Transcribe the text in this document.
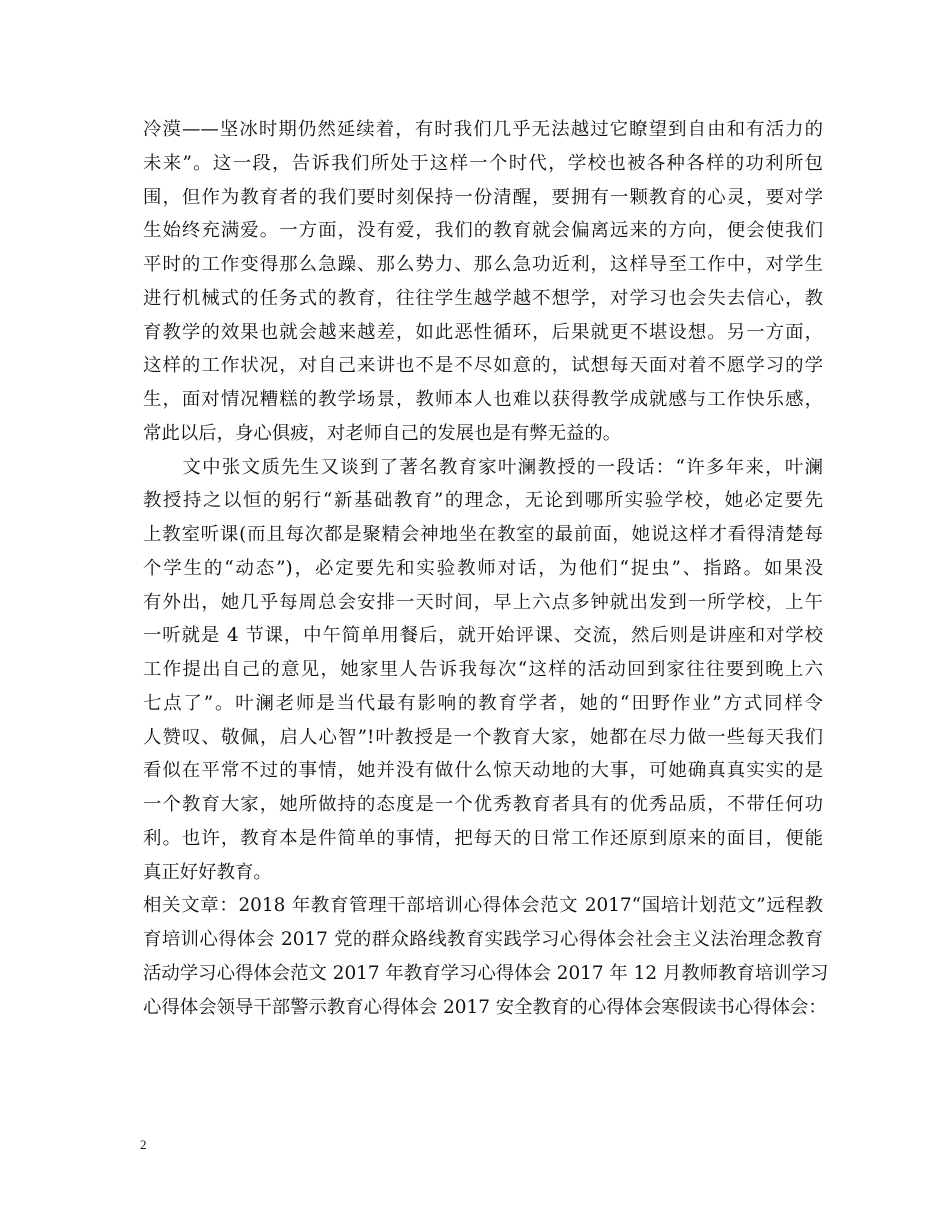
冷漠——坚冰时期仍然延续着，有时我们几乎无法越过它瞭望到自由和有活力的
未来”。这一段，告诉我们所处于这样一个时代，学校也被各种各样的功利所包
围，但作为教育者的我们要时刻保持一份清醒，要拥有一颗教育的心灵，要对学
生始终充满爱。一方面，没有爱，我们的教育就会偏离远来的方向，便会使我们
平时的工作变得那么急躁、那么势力、那么急功近利，这样导至工作中，对学生
进行机械式的任务式的教育，往往学生越学越不想学，对学习也会失去信心，教
育教学的效果也就会越来越差，如此恶性循环，后果就更不堪设想。另一方面，
这样的工作状况，对自己来讲也不是不尽如意的，试想每天面对着不愿学习的学
生，面对情况糟糕的教学场景，教师本人也难以获得教学成就感与工作快乐感，
常此以后，身心俱疲，对老师自己的发展也是有弊无益的。
　　文中张文质先生又谈到了著名教育家叶澜教授的一段话：“许多年来，叶澜
教授持之以恒的躬行“新基础教育”的理念，无论到哪所实验学校，她必定要先
上教室听课(而且每次都是聚精会神地坐在教室的最前面，她说这样才看得清楚每
个学生的“动态”)，必定要先和实验教师对话，为他们“捉虫”、指路。如果没
有外出，她几乎每周总会安排一天时间，早上六点多钟就出发到一所学校，上午
一听就是 4 节课，中午简单用餐后，就开始评课、交流，然后则是讲座和对学校
工作提出自己的意见，她家里人告诉我每次“这样的活动回到家往往要到晚上六
七点了”。叶澜老师是当代最有影响的教育学者，她的“田野作业”方式同样令
人赞叹、敬佩，启人心智”!叶教授是一个教育大家，她都在尽力做一些每天我们
看似在平常不过的事情，她并没有做什么惊天动地的大事，可她确真真实实的是
一个教育大家，她所做持的态度是一个优秀教育者具有的优秀品质，不带任何功
利。也许，教育本是件简单的事情，把每天的日常工作还原到原来的面目，便能
真正好好教育。
相关文章：2018 年教育管理干部培训心得体会范文 2017“国培计划范文”远程教
育培训心得体会 2017 党的群众路线教育实践学习心得体会社会主义法治理念教育
活动学习心得体会范文 2017 年教育学习心得体会 2017 年 12 月教师教育培训学习
心得体会领导干部警示教育心得体会 2017 安全教育的心得体会寒假读书心得体会：
2
